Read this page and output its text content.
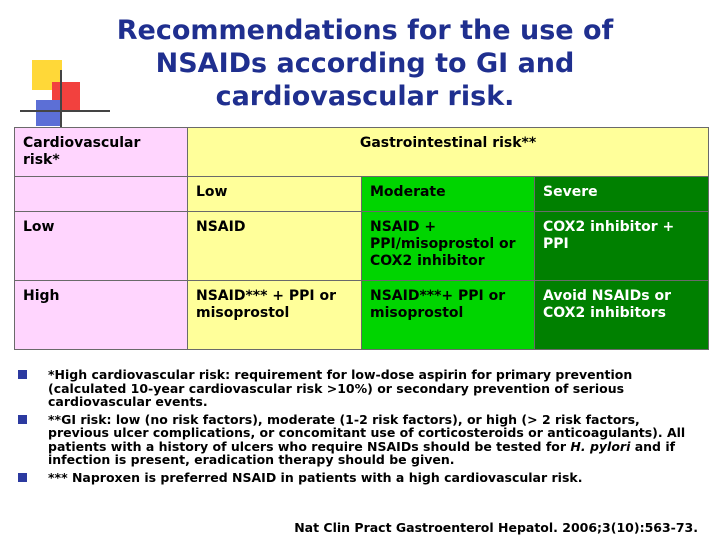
Recommendations for the use of NSAIDs according to GI and cardiovascular risk.
Cardiovascular risk*	Gastrointestinal risk**		
	Low	Moderate	Severe
Low	NSAID	NSAID + PPI/misoprostol or COX2 inhibitor	COX2 inhibitor + PPI
High	NSAID*** + PPI or misoprostol	NSAID***+ PPI or misoprostol	Avoid NSAIDs or COX2 inhibitors
*High cardiovascular risk: requirement for low-dose aspirin for primary prevention (calculated 10-year cardiovascular risk >10%) or secondary prevention of serious cardiovascular events.
**GI risk: low (no risk factors), moderate (1-2 risk factors), or high (> 2 risk factors, previous ulcer complications, or concomitant use of corticosteroids or anticoagulants). All patients with a history of ulcers who require NSAIDs should be tested for H. pylori and if infection is present, eradication therapy should be given.
*** Naproxen is preferred NSAID in patients with a high cardiovascular risk.
Nat Clin Pract Gastroenterol Hepatol. 2006;3(10):563-73.
